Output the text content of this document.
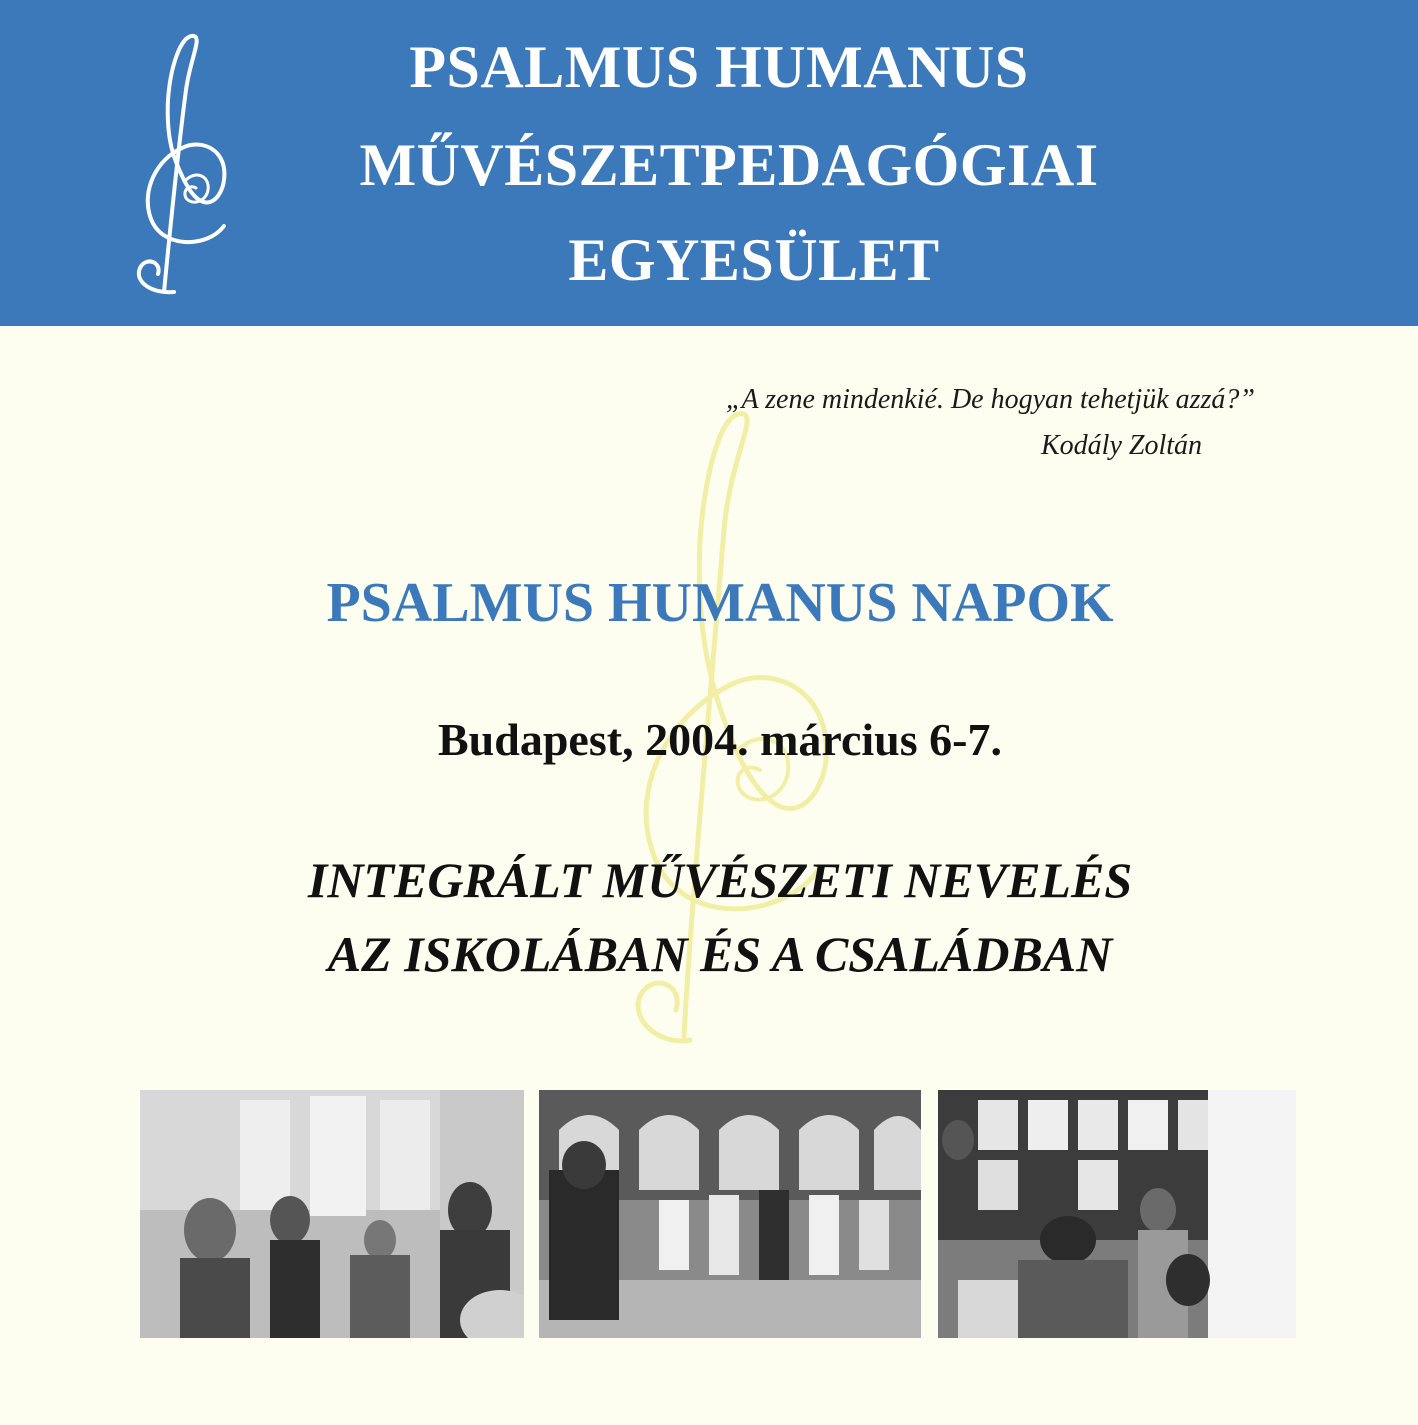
PSALMUS HUMANUS
MŰVÉSZETPEDAGÓGIAI
EGYESÜLET
„A zene mindenkié. De hogyan tehetjük azzá?”
Kodály Zoltán
PSALMUS HUMANUS NAPOK
Budapest, 2004. március 6-7.
INTEGRÁLT MŰVÉSZETI NEVELÉS
AZ ISKOLÁBAN ÉS A CSALÁDBAN
